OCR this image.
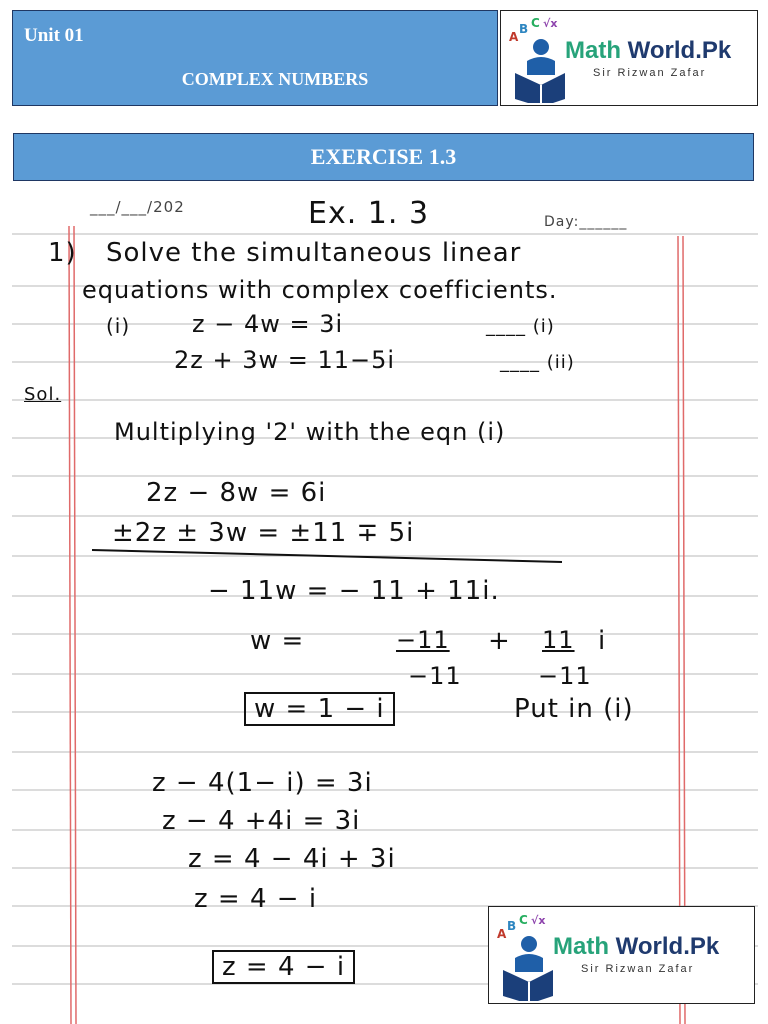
Unit 01
COMPLEX NUMBERS
A
B C √x
Math World.Pk
Sir Rizwan Zafar
EXERCISE 1.3
___/___/202	Ex. 1. 3	Day:______
1) Solve the simultaneous linear
equations with complex coefficients.
(i)	z − 4w = 3i	____ (i)
2z + 3w = 11−5i	____ (ii)
Sol.
Multiplying '2' with the eqn (i)
2z − 8w = 6i
±2z ± 3w = ±11 ∓ 5i
− 11w = − 11 + 11i.
w =	−11
−11
+ 11
−11
i
w = 1 − i	Put in (i)
z − 4(1− i) = 3i
z − 4 +4i = 3i
z = 4 − 4i + 3i
z = 4 − i
z = 4 − i
A
B C √x
Math World.Pk
Sir Rizwan Zafar
